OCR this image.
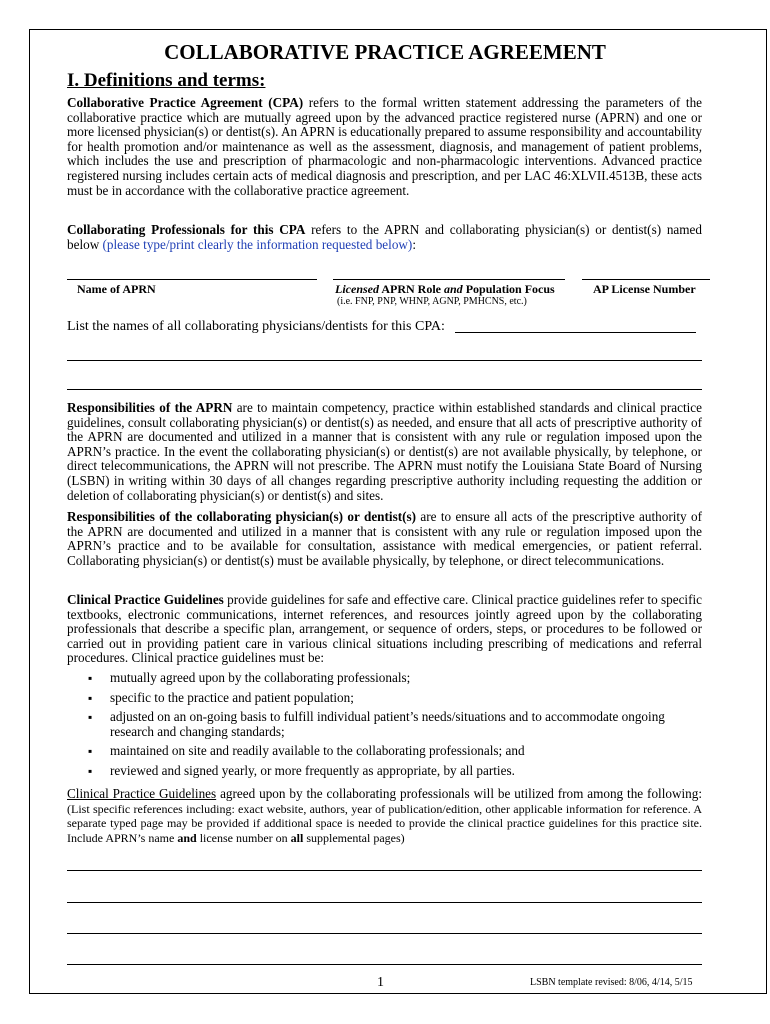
COLLABORATIVE PRACTICE AGREEMENT
I. Definitions and terms:
Collaborative Practice Agreement (CPA) refers to the formal written statement addressing the parameters of the collaborative practice which are mutually agreed upon by the advanced practice registered nurse (APRN) and one or more licensed physician(s) or dentist(s). An APRN is educationally prepared to assume responsibility and accountability for health promotion and/or maintenance as well as the assessment, diagnosis, and management of patient problems, which includes the use and prescription of pharmacologic and non-pharmacologic interventions. Advanced practice registered nursing includes certain acts of medical diagnosis and prescription, and per LAC 46:XLVII.4513B, these acts must be in accordance with the collaborative practice agreement.
Collaborating Professionals for this CPA refers to the APRN and collaborating physician(s) or dentist(s) named below (please type/print clearly the information requested below):
Name of APRN	Licensed APRN Role and Population Focus
(i.e. FNP, PNP, WHNP, AGNP, PMHCNS, etc.)
AP License Number
List the names of all collaborating physicians/dentists for this CPA:
Responsibilities of the APRN are to maintain competency, practice within established standards and clinical practice guidelines, consult collaborating physician(s) or dentist(s) as needed, and ensure that all acts of prescriptive authority of the APRN are documented and utilized in a manner that is consistent with any rule or regulation imposed upon the APRN’s practice. In the event the collaborating physician(s) or dentist(s) are not available physically, by telephone, or direct telecommunications, the APRN will not prescribe. The APRN must notify the Louisiana State Board of Nursing (LSBN) in writing within 30 days of all changes regarding prescriptive authority including requesting the addition or deletion of collaborating physician(s) or dentist(s) and sites.
Responsibilities of the collaborating physician(s) or dentist(s) are to ensure all acts of the prescriptive authority of the APRN are documented and utilized in a manner that is consistent with any rule or regulation imposed upon the APRN’s practice and to be available for consultation, assistance with medical emergencies, or patient referral. Collaborating physician(s) or dentist(s) must be available physically, by telephone, or direct telecommunications.
Clinical Practice Guidelines provide guidelines for safe and effective care. Clinical practice guidelines refer to specific textbooks, electronic communications, internet references, and resources jointly agreed upon by the collaborating professionals that describe a specific plan, arrangement, or sequence of orders, steps, or procedures to be followed or carried out in providing patient care in various clinical situations including prescribing of medications and referral procedures. Clinical practice guidelines must be:
▪ mutually agreed upon by the collaborating professionals;
▪ specific to the practice and patient population;
▪ adjusted on an on-going basis to fulfill individual patient’s needs/situations and to accommodate ongoing research and changing standards;
▪ maintained on site and readily available to the collaborating professionals; and
▪ reviewed and signed yearly, or more frequently as appropriate, by all parties.
Clinical Practice Guidelines agreed upon by the collaborating professionals will be utilized from among the following: (List specific references including: exact website, authors, year of publication/edition, other applicable information for reference. A separate typed page may be provided if additional space is needed to provide the clinical practice guidelines for this practice site. Include APRN’s name and license number on all supplemental pages)
1	LSBN template revised: 8/06, 4/14, 5/15
